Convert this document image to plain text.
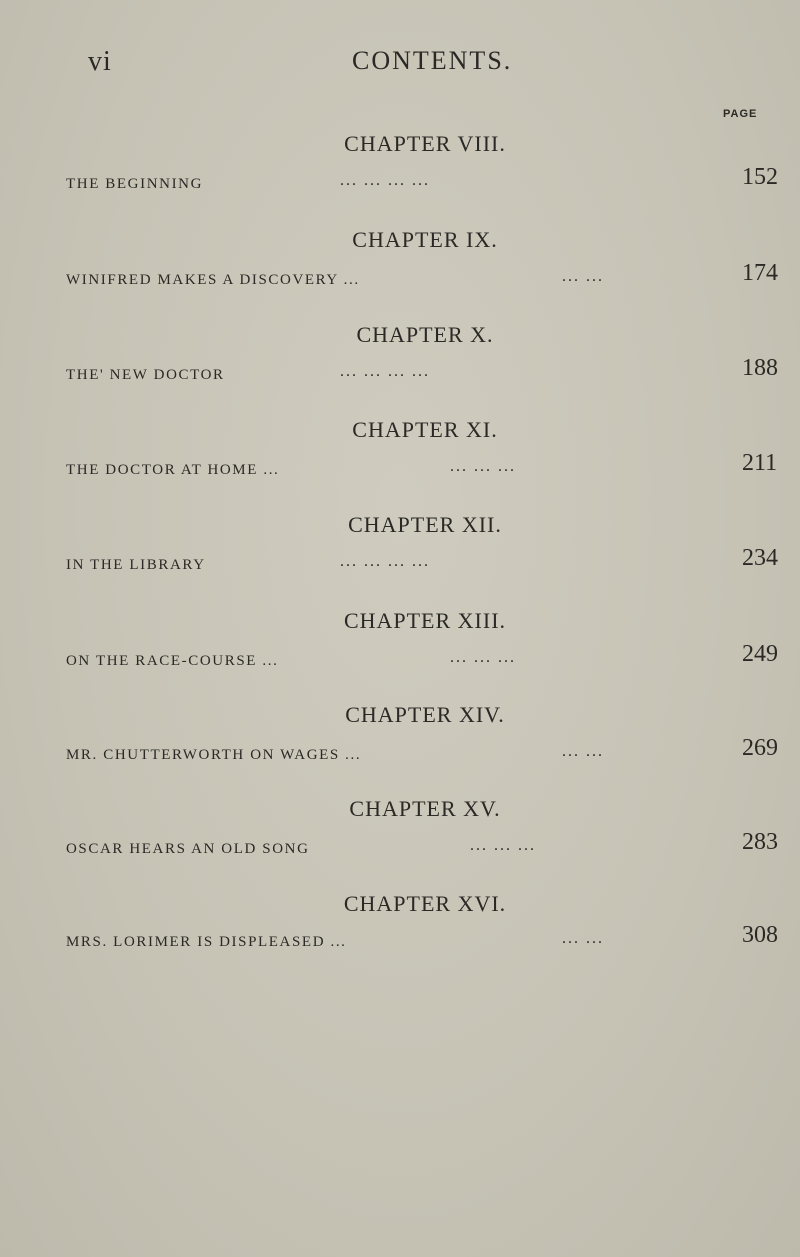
vi	CONTENTS.
PAGE
CHAPTER VIII.
THE BEGINNING	... ... ... ...	152
CHAPTER IX.
WINIFRED MAKES A DISCOVERY ...	... ...	174
CHAPTER X.
THE' NEW DOCTOR	... ... ... ...	188
CHAPTER XI.
THE DOCTOR AT HOME ...	... ... ...	211
CHAPTER XII.
IN THE LIBRARY	... ... ... ...	234
CHAPTER XIII.
ON THE RACE-COURSE ...	... ... ...	249
CHAPTER XIV.
MR. CHUTTERWORTH ON WAGES ...	... ...	269
CHAPTER XV.
OSCAR HEARS AN OLD SONG	... ... ...	283
CHAPTER XVI.
MRS. LORIMER IS DISPLEASED ...	... ...	308
